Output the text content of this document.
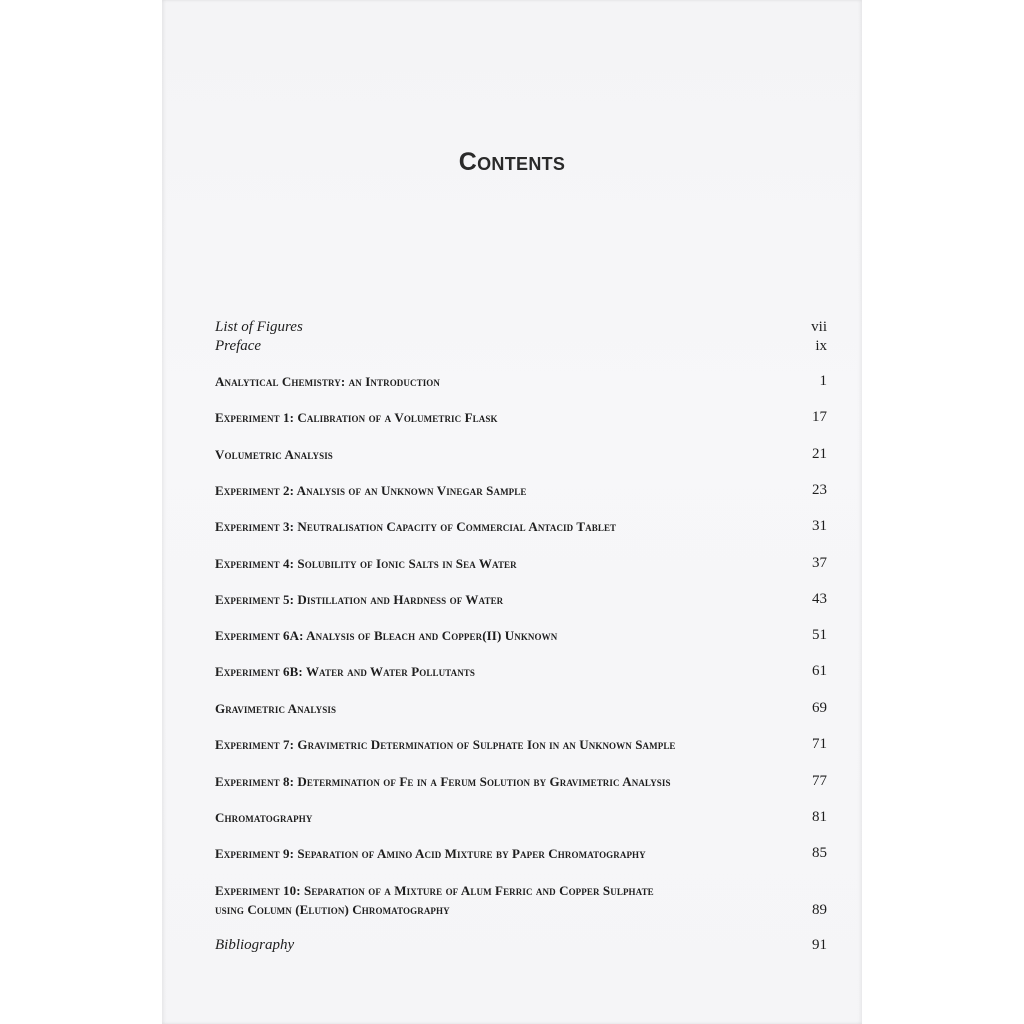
Contents
List of Figures	vii
Preface	ix
Analytical Chemistry: an Introduction	1
Experiment 1: Calibration of a Volumetric Flask	17
Volumetric Analysis	21
Experiment 2: Analysis of an Unknown Vinegar Sample	23
Experiment 3: Neutralisation Capacity of Commercial Antacid Tablet	31
Experiment 4: Solubility of Ionic Salts in Sea Water	37
Experiment 5: Distillation and Hardness of Water	43
Experiment 6A: Analysis of Bleach and Copper(II) Unknown	51
Experiment 6B: Water and Water Pollutants	61
Gravimetric Analysis	69
Experiment 7: Gravimetric Determination of Sulphate Ion in an Unknown Sample	71
Experiment 8: Determination of Fe in a Ferum Solution by Gravimetric Analysis	77
Chromatography	81
Experiment 9: Separation of Amino Acid Mixture by Paper Chromatography	85
Experiment 10: Separation of a Mixture of Alum Ferric and Copper Sulphate
using Column (Elution) Chromatography	89
Bibliography	91
